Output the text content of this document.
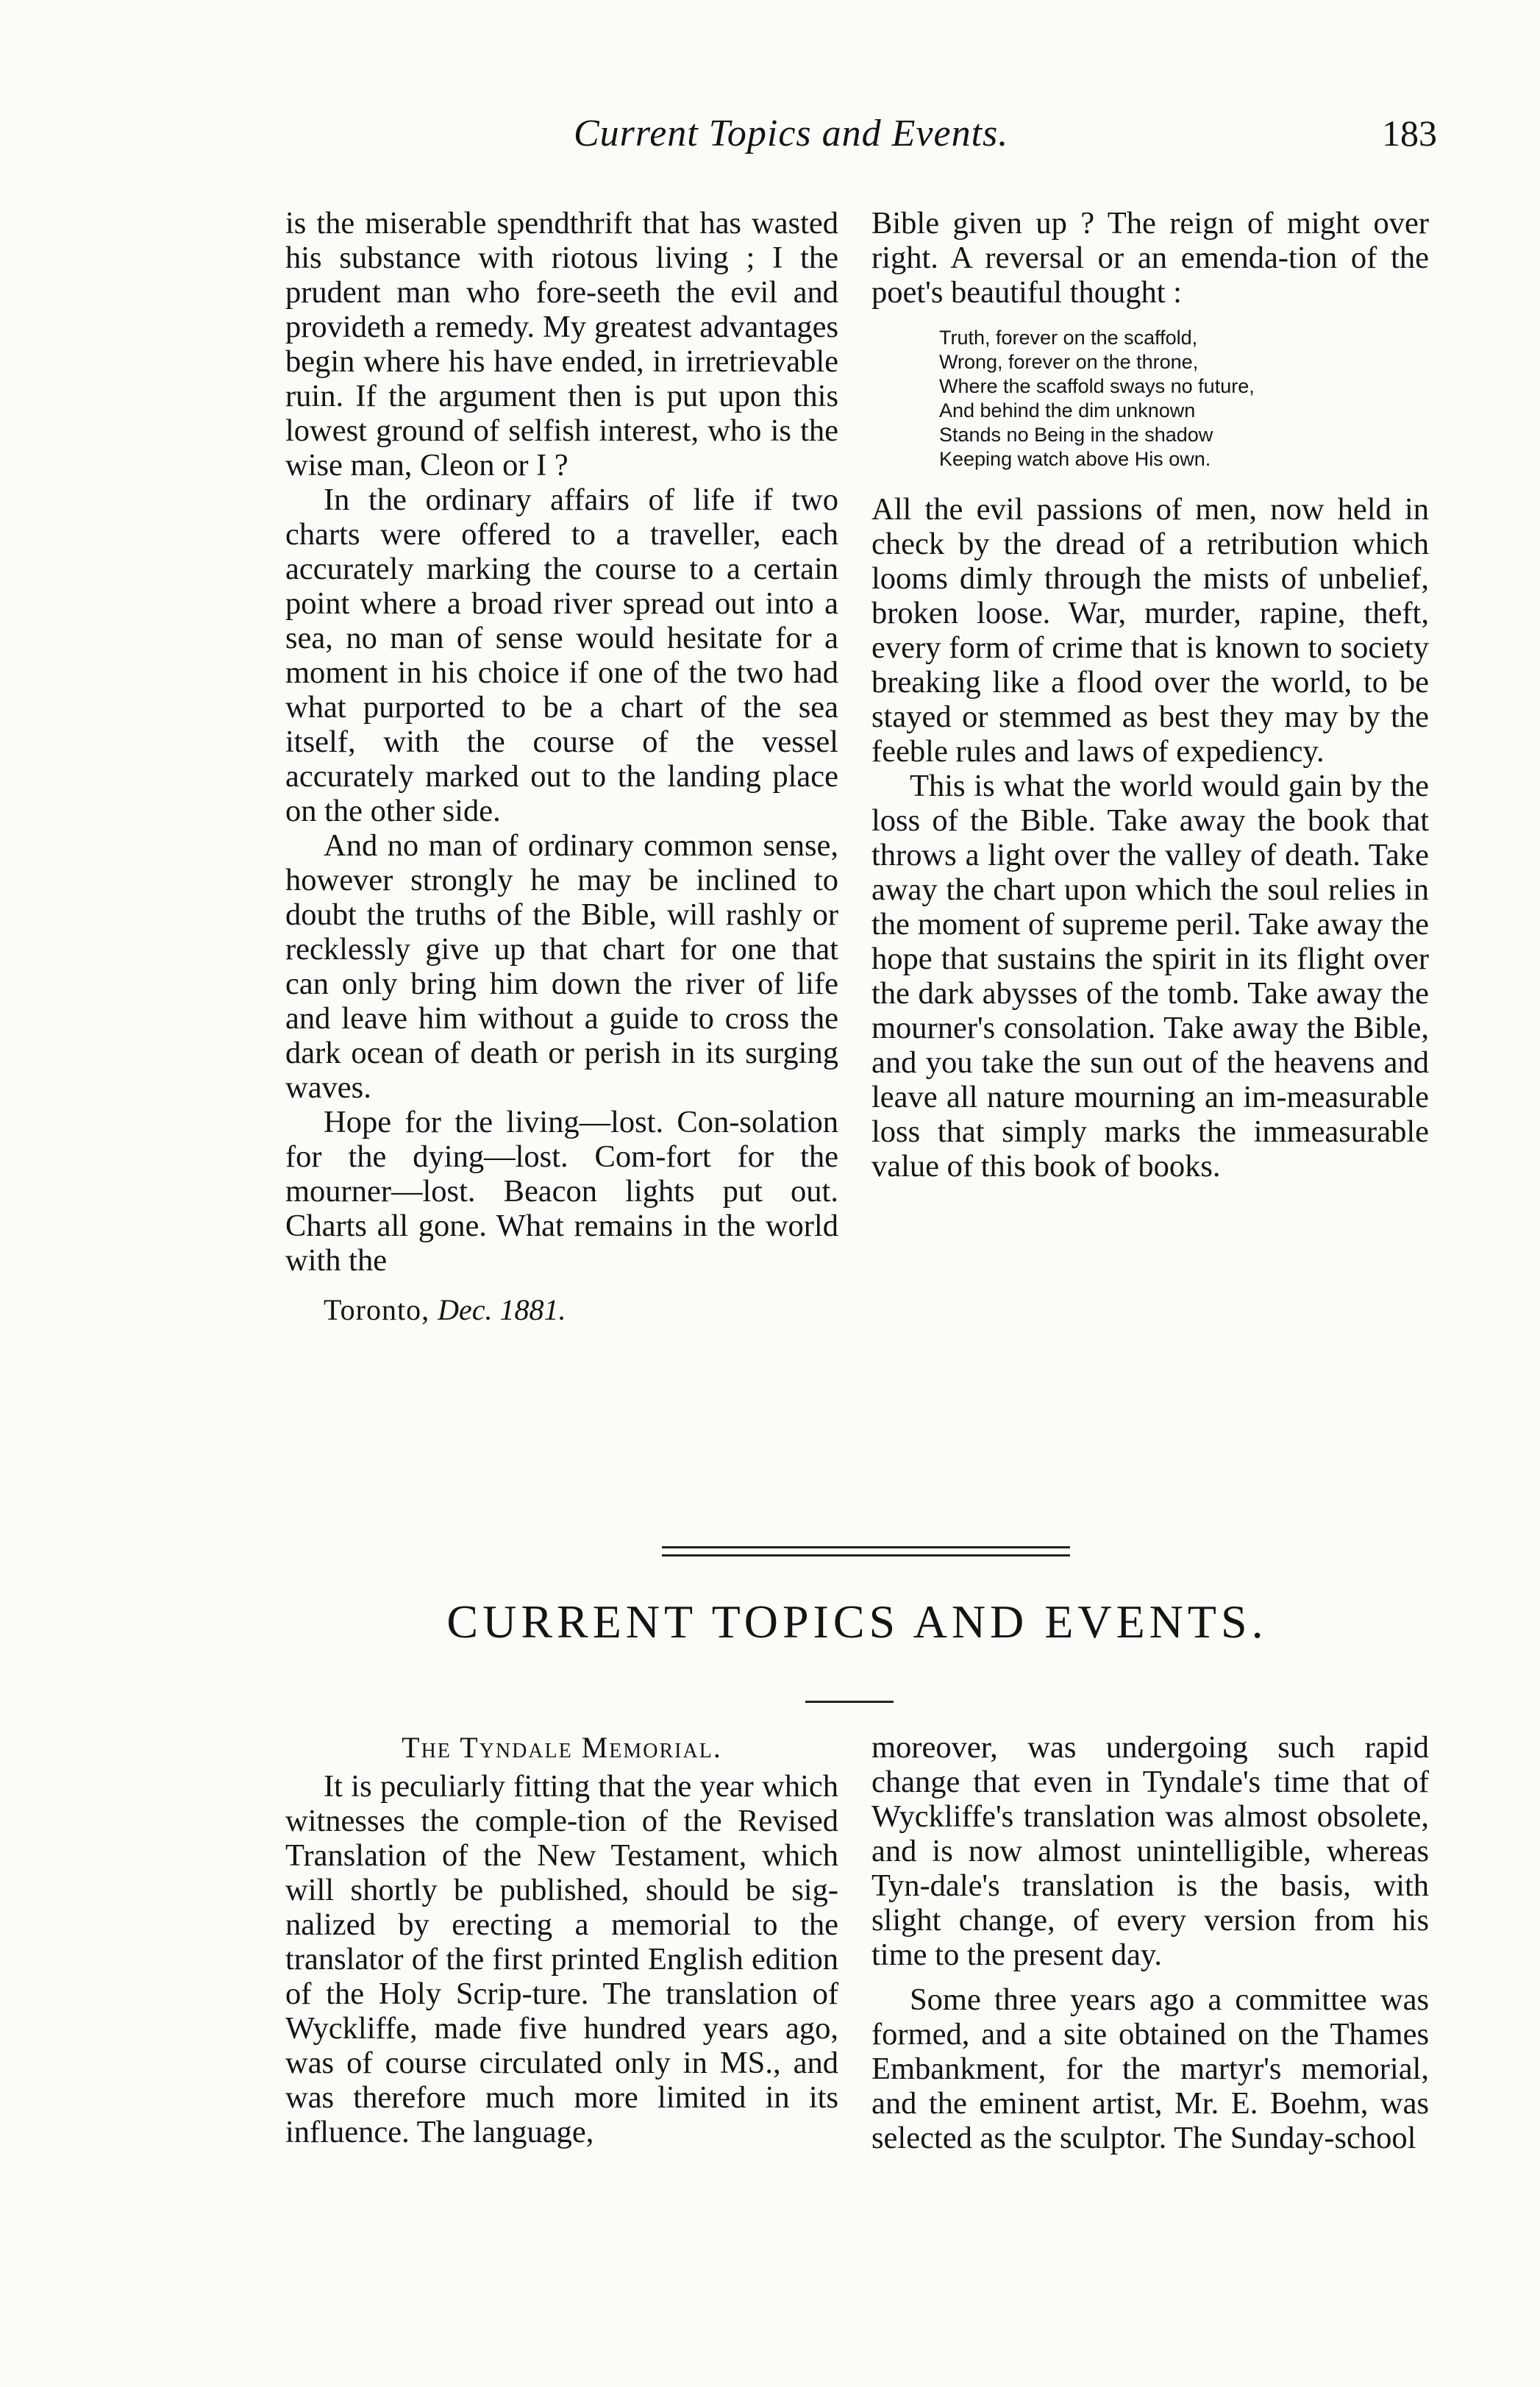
Current Topics and Events.	183

is the miserable spendthrift that has wasted his substance with riotous living ; I the prudent man who fore-seeth the evil and provideth a remedy. My greatest advantages begin where his have ended, in irretrievable ruin. If the argument then is put upon this lowest ground of selfish interest, who is the wise man, Cleon or I ?

In the ordinary affairs of life if two charts were offered to a traveller, each accurately marking the course to a certain point where a broad river spread out into a sea, no man of sense would hesitate for a moment in his choice if one of the two had what purported to be a chart of the sea itself, with the course of the vessel accurately marked out to the landing place on the other side.

And no man of ordinary common sense, however strongly he may be inclined to doubt the truths of the Bible, will rashly or recklessly give up that chart for one that can only bring him down the river of life and leave him without a guide to cross the dark ocean of death or perish in its surging waves.

Hope for the living—lost. Con-solation for the dying—lost. Com-fort for the mourner—lost. Beacon lights put out. Charts all gone. What remains in the world with the

Toronto, Dec. 1881.

Bible given up ? The reign of might over right. A reversal or an emenda-tion of the poet's beautiful thought :

Truth, forever on the scaffold,
Wrong, forever on the throne,
Where the scaffold sways no future,
And behind the dim unknown
Stands no Being in the shadow
Keeping watch above His own.

All the evil passions of men, now held in check by the dread of a retribution which looms dimly through the mists of unbelief, broken loose. War, murder, rapine, theft, every form of crime that is known to society breaking like a flood over the world, to be stayed or stemmed as best they may by the feeble rules and laws of expediency.

This is what the world would gain by the loss of the Bible. Take away the book that throws a light over the valley of death. Take away the chart upon which the soul relies in the moment of supreme peril. Take away the hope that sustains the spirit in its flight over the dark abysses of the tomb. Take away the mourner's consolation. Take away the Bible, and you take the sun out of the heavens and leave all nature mourning an im-measurable loss that simply marks the immeasurable value of this book of books.

CURRENT TOPICS AND EVENTS.
The Tyndale Memorial.

It is peculiarly fitting that the year which witnesses the comple-tion of the Revised Translation of the New Testament, which will shortly be published, should be sig-nalized by erecting a memorial to the translator of the first printed English edition of the Holy Scrip-ture. The translation of Wyckliffe, made five hundred years ago, was of course circulated only in MS., and was therefore much more limited in its influence. The language,

moreover, was undergoing such rapid change that even in Tyndale's time that of Wyckliffe's translation was almost obsolete, and is now almost unintelligible, whereas Tyn-dale's translation is the basis, with slight change, of every version from his time to the present day.

Some three years ago a committee was formed, and a site obtained on the Thames Embankment, for the martyr's memorial, and the eminent artist, Mr. E. Boehm, was selected as the sculptor. The Sunday-school
